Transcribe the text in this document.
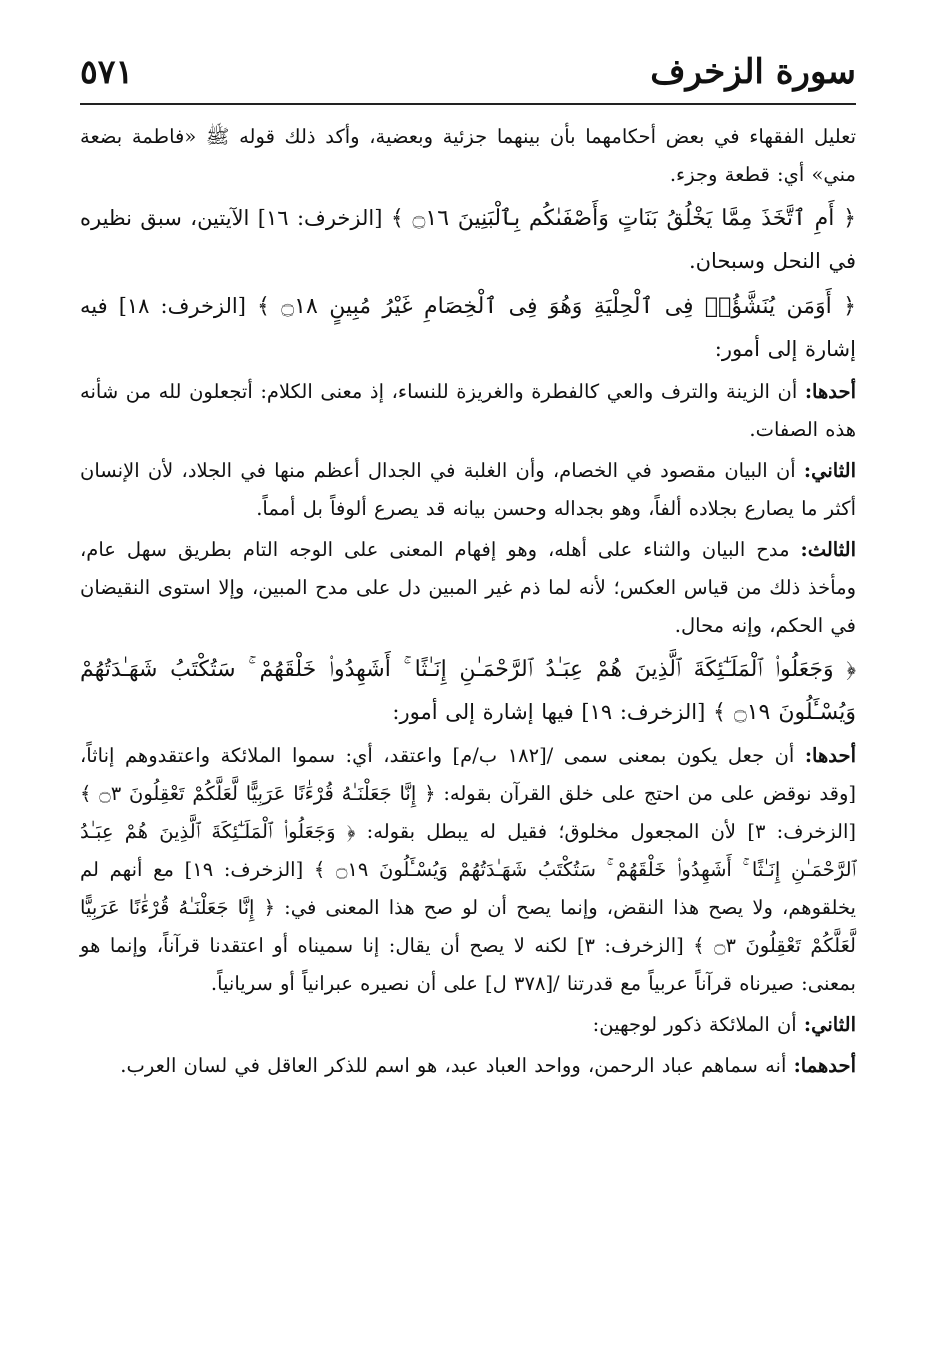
سورة الزخرف
٥٧١

تعليل الفقهاء في بعض أحكامهما بأن بينهما جزئية وبعضية، وأكد ذلك قوله ﷺ «فاطمة بضعة مني» أي: قطعة وجزء.

﴿ أَمِ ٱتَّخَذَ مِمَّا يَخْلُقُ بَنَاتٍ وَأَصْفَىٰكُم بِٱلْبَنِينَ ۝١٦ ﴾ [الزخرف: ١٦] الآيتين، سبق نظيره في النحل وسبحان.

﴿ أَوَمَن يُنَشَّؤُا۟ فِى ٱلْحِلْيَةِ وَهُوَ فِى ٱلْخِصَامِ غَيْرُ مُبِينٍ ۝١٨ ﴾ [الزخرف: ١٨] فيه إشارة إلى أمور:

أحدها: أن الزينة والترف والعي كالفطرة والغريزة للنساء، إذ معنى الكلام: أتجعلون لله من شأنه هذه الصفات.

الثاني: أن البيان مقصود في الخصام، وأن الغلبة في الجدال أعظم منها في الجلاد، لأن الإنسان أكثر ما يصارع بجلاده ألفاً، وهو بجداله وحسن بيانه قد يصرع ألوفاً بل أمماً.

الثالث: مدح البيان والثناء على أهله، وهو إفهام المعنى على الوجه التام بطريق سهل عام، ومأخذ ذلك من قياس العكس؛ لأنه لما ذم غير المبين دل على مدح المبين، وإلا استوى النقيضان في الحكم، وإنه محال.

﴿ وَجَعَلُوا۟ ٱلْمَلَـٰٓئِكَةَ ٱلَّذِينَ هُمْ عِبَـٰدُ ٱلرَّحْمَـٰنِ إِنَـٰثًا ۚ أَشَهِدُوا۟ خَلْقَهُمْ ۚ سَتُكْتَبُ شَهَـٰدَتُهُمْ وَيُسْـَٔلُونَ ۝١٩ ﴾ [الزخرف: ١٩] فيها إشارة إلى أمور:

أحدها: أن جعل يكون بمعنى سمى /[١٨٢ ب/م] واعتقد، أي: سموا الملائكة واعتقدوهم إناثاً، [وقد نوقض على من احتج على خلق القرآن بقوله: ﴿ إِنَّا جَعَلْنَـٰهُ قُرْءَٰنًا عَرَبِيًّا لَّعَلَّكُمْ تَعْقِلُونَ ۝٣ ﴾ [الزخرف: ٣] لأن المجعول مخلوق؛ فقيل له يبطل بقوله: ﴿ وَجَعَلُوا۟ ٱلْمَلَـٰٓئِكَةَ ٱلَّذِينَ هُمْ عِبَـٰدُ ٱلرَّحْمَـٰنِ إِنَـٰثًا ۚ أَشَهِدُوا۟ خَلْقَهُمْ ۚ سَتُكْتَبُ شَهَـٰدَتُهُمْ وَيُسْـَٔلُونَ ۝١٩ ﴾ [الزخرف: ١٩] مع أنهم لم يخلقوهم، ولا يصح هذا النقض، وإنما يصح أن لو صح هذا المعنى في: ﴿ إِنَّا جَعَلْنَـٰهُ قُرْءَٰنًا عَرَبِيًّا لَّعَلَّكُمْ تَعْقِلُونَ ۝٣ ﴾ [الزخرف: ٣] لكنه لا يصح أن يقال: إنا سميناه أو اعتقدنا قرآناً، وإنما هو بمعنى: صيرناه قرآناً عربياً مع قدرتنا /[٣٧٨ ل] على أن نصيره عبرانياً أو سريانياً.

الثاني: أن الملائكة ذكور لوجهين:

أحدهما: أنه سماهم عباد الرحمن، وواحد العباد عبد، هو اسم للذكر العاقل في لسان العرب.
